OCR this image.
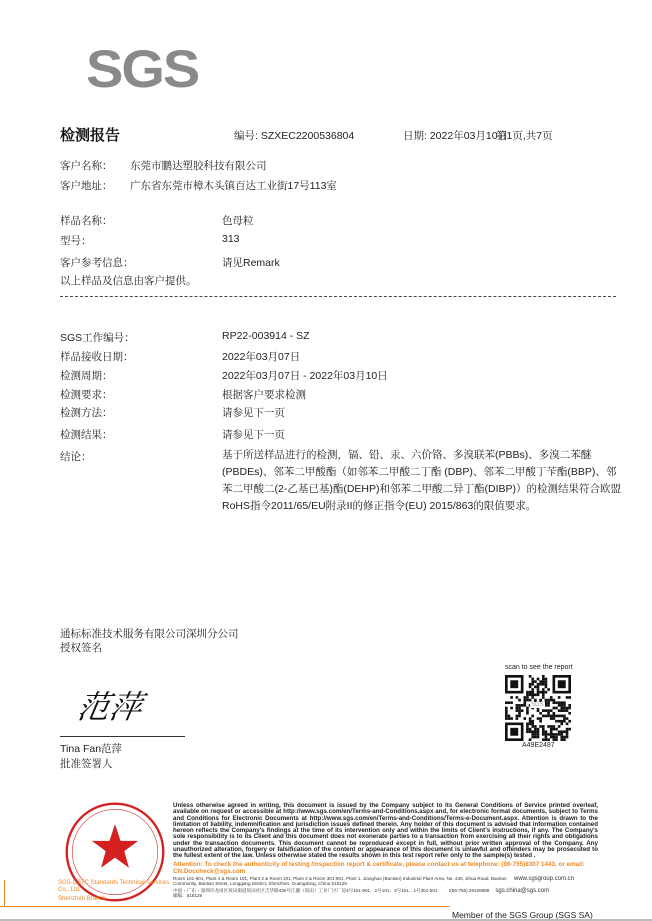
SGS
检测报告	编号: SZXEC2200536804	日期: 2022年03月10日
第1页,共7页
客户名称： 东莞市鹏达塑胶科技有限公司
客户地址： 广东省东莞市樟木头镇百达工业街17号113室
样品名称：	色母粒
型号：	313
客户参考信息：	请见Remark
以上样品及信息由客户提供。
SGS工作编号：	RP22-003914 - SZ
样品接收日期：	2022年03月07日
检测周期：	2022年03月07日 - 2022年03月10日
检测要求：	根据客户要求检测
检测方法：	请参见下一页
检测结果：	请参见下一页
结论：	基于所送样品进行的检测，镉、铅、汞、六价铬、多溴联苯(PBBs)、多溴二苯醚(PBDEs)、邻苯二甲酸酯（如邻苯二甲酸二丁酯 (DBP)、邻苯二甲酸丁苄酯(BBP)、邻苯二甲酸二(2-乙基已基)酯(DEHP)和邻苯二甲酸二异丁酯(DIBP)）的检测结果符合欧盟RoHS指令2011/65/EU附录II的修正指令(EU) 2015/863的限值要求。
通标标准技术服务有限公司深圳分公司
授权签名
范萍
Tina Fan范萍
批准签署人
scan to see the report
SGS
A49E2487
SGS-CSTC Standards Technical Services Co., Ltd.
Shenzhen Branch
Unless otherwise agreed in writing, this document is issued by the Company subject to its General Conditions of Service printed overleaf, available on request or accessible at http://www.sgs.com/en/Terms-and-Conditions.aspx and, for electronic format documents, subject to Terms and Conditions for Electronic Documents at http://www.sgs.com/en/Terms-and-Conditions/Terms-e-Document.aspx. Attention is drawn to the limitation of liability, indemnification and jurisdiction issues defined therein. Any holder of this document is advised that information contained hereon reflects the Company's findings at the time of its intervention only and within the limits of Client's instructions, if any. The Company's sole responsibility is to its Client and this document does not exonerate parties to a transaction from exercising all their rights and obligations under the transaction documents. This document cannot be reproduced except in full, without prior written approval of the Company. Any unauthorized alteration, forgery or falsification of the content or appearance of this document is unlawful and offenders may be prosecuted to the fullest extent of the law. Unless otherwise stated the results shown in this test report refer only to the sample(s) tested .
Attention: To check the authenticity of testing /inspection report & certificate, please contact us at telephone: (86-755)8307 1443, or email: CN.Doccheck@sgs.com
Room 101-901, Plant 4 & Room 101, Plant 2 & Room 101, Plant 3 & Room 301-901, Plant 1, Jianghao (Bantian) Industrial Plant Area, No. 430, Jihua Road, Bantian Community, Bantian Street, Longgang District, Shenzhen, Guangdong, China 518129
www.sgsgroup.com.cn
中国・广东・深圳市龙岗区坂田街道坂田社区吉华路430号江灏（坂田）工业厂区厂房4号101-901、2号101、3号101、1号301-501 邮编：518129
t(86-755) 25328888 sgs.china@sgs.com
Member of the SGS Group (SGS SA)
